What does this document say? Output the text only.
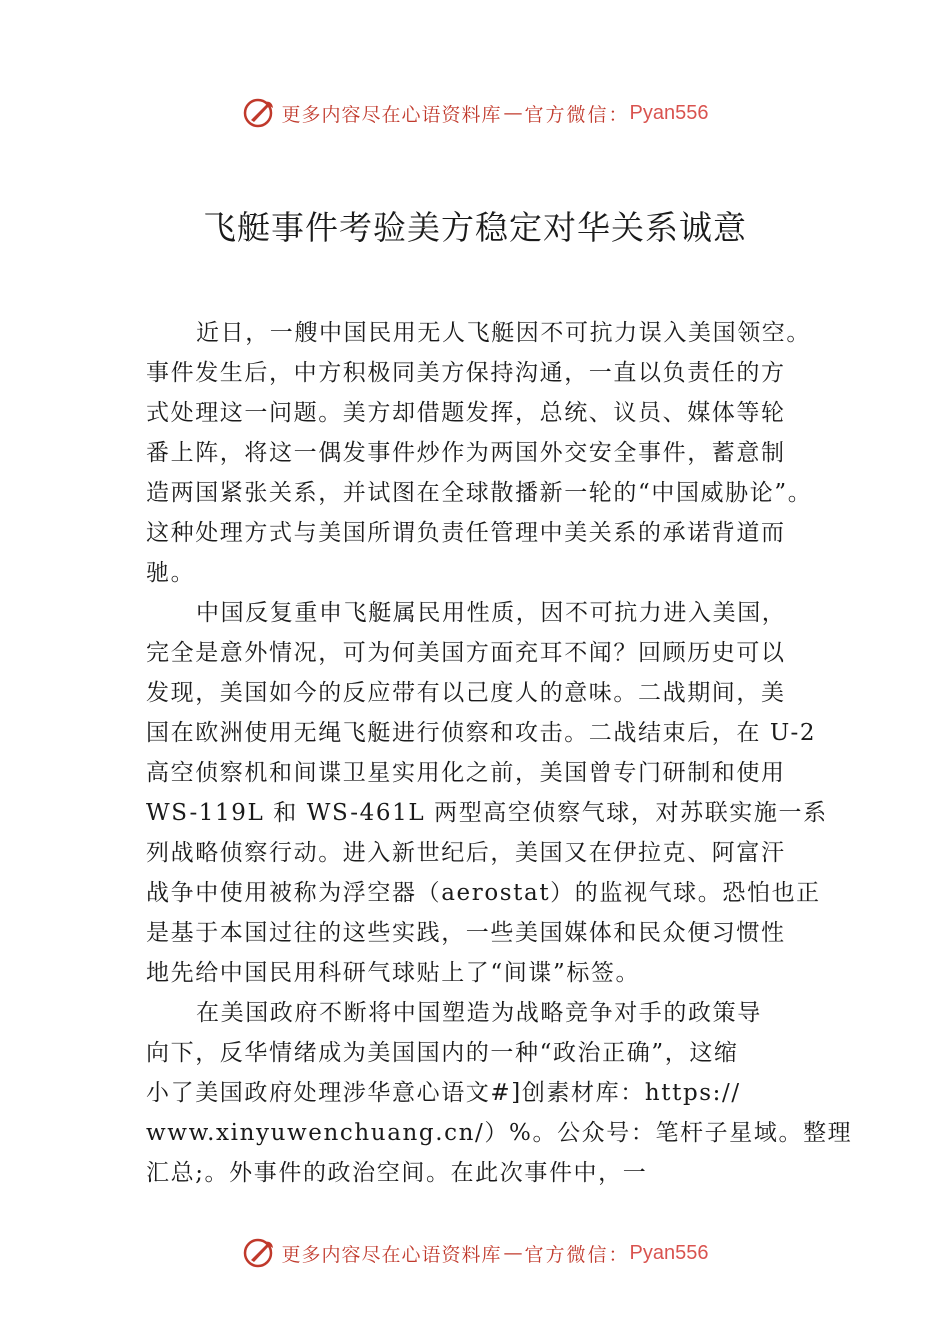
更多内容尽在心语资料库 — 官方微信： Pyan556
飞艇事件考验美方稳定对华关系诚意
近日，一艘中国民用无人飞艇因不可抗力误入美国领空。
事件发生后，中方积极同美方保持沟通，一直以负责任的方
式处理这一问题。美方却借题发挥，总统、议员、媒体等轮
番上阵，将这一偶发事件炒作为两国外交安全事件，蓄意制
造两国紧张关系，并试图在全球散播新一轮的“中国威胁论”。
这种处理方式与美国所谓负责任管理中美关系的承诺背道而
驰。
中国反复重申飞艇属民用性质，因不可抗力进入美国，
完全是意外情况，可为何美国方面充耳不闻？回顾历史可以
发现，美国如今的反应带有以己度人的意味。二战期间，美
国在欧洲使用无绳飞艇进行侦察和攻击。二战结束后，在 U-2
高空侦察机和间谍卫星实用化之前，美国曾专门研制和使用
WS-119L 和 WS-461L 两型高空侦察气球，对苏联实施一系
列战略侦察行动。进入新世纪后，美国又在伊拉克、阿富汗
战争中使用被称为浮空器（aerostat）的监视气球。恐怕也正
是基于本国过往的这些实践，一些美国媒体和民众便习惯性
地先给中国民用科研气球贴上了“间谍”标签。
在美国政府不断将中国塑造为战略竞争对手的政策导
向下，反华情绪成为美国国内的一种“政治正确”，这缩
小了美国政府处理涉华意心语文#]创素材库：https://
www.xinyuwenchuang.cn/）%。公众号：笔杆子星域。整理
汇总;。外事件的政治空间。在此次事件中，一
更多内容尽在心语资料库 — 官方微信： Pyan556
